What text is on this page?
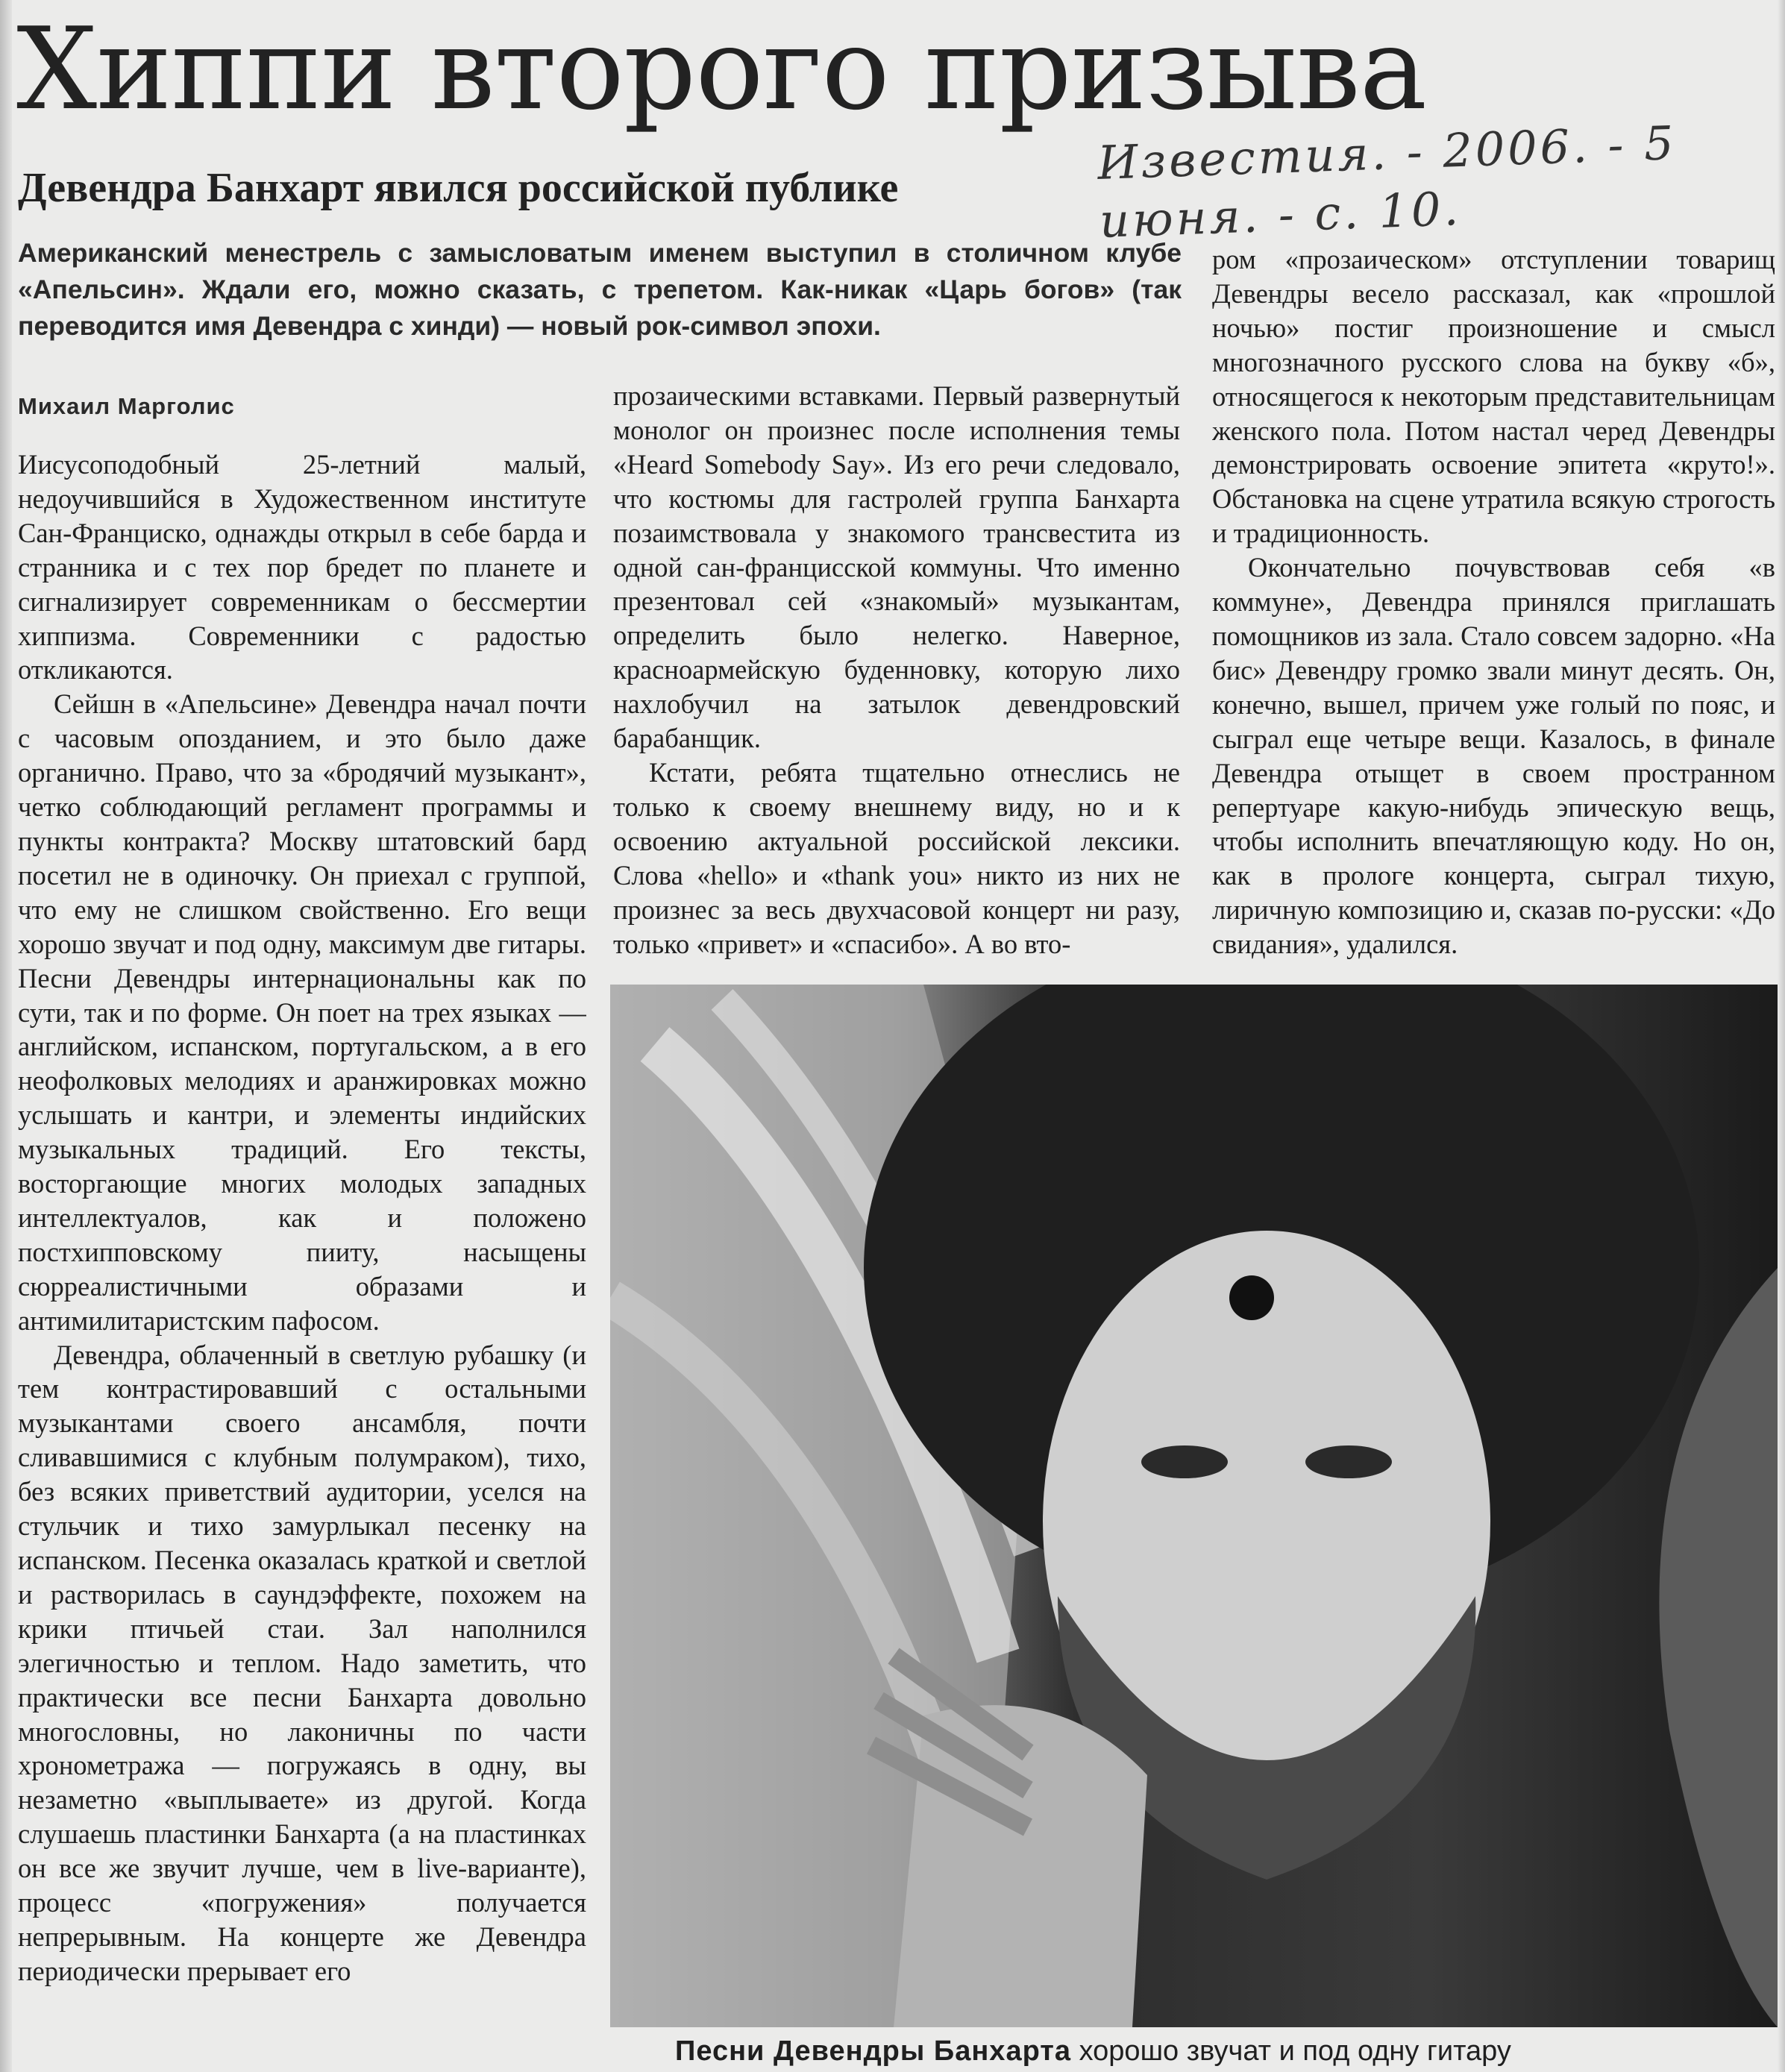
Хиппи второго призыва
Девендра Банхарт явился российской публике	Известия. - 2006. - 5
июня. - с. 10.

Американский менестрель с замысловатым именем выступил в столичном клубе «Апельсин». Ждали его, можно сказать, с трепетом. Как-никак «Царь богов» (так переводится имя Девендра с хинди) — новый рок-символ эпохи.

Михаил Марголис

Иисусоподобный 25-летний малый, недоучившийся в Художественном институте Сан-Франциско, однажды открыл в себе барда и странника и с тех пор бредет по планете и сигнализирует современникам о бессмертии хиппизма. Современники с радостью откликаются.

Сейшн в «Апельсине» Девендра начал почти с часовым опозданием, и это было даже органично. Право, что за «бродячий музыкант», четко соблюдающий регламент программы и пункты контракта? Москву штатовский бард посетил не в одиночку. Он приехал с группой, что ему не слишком свойственно. Его вещи хорошо звучат и под одну, максимум две гитары. Песни Девендры интернациональны как по сути, так и по форме. Он поет на трех языках — английском, испанском, португальском, а в его неофолковых мелодиях и аранжировках можно услышать и кантри, и элементы индийских музыкальных традиций. Его тексты, восторгающие многих молодых западных интеллектуалов, как и положено постхипповскому пииту, насыщены сюрреалистичными образами и антимилитаристским пафосом.

Девендра, облаченный в светлую рубашку (и тем контрастировавший с остальными музыкантами своего ансамбля, почти сливавшимися с клубным полумраком), тихо, без всяких приветствий аудитории, уселся на стульчик и тихо замурлыкал песенку на испанском. Песенка оказалась краткой и светлой и растворилась в саундэффекте, похожем на крики птичьей стаи. Зал наполнился элегичностью и теплом. Надо заметить, что практически все песни Банхарта довольно многословны, но лаконичны по части хронометража — погружаясь в одну, вы незаметно «выплываете» из другой. Когда слушаешь пластинки Банхарта (а на пластинках он все же звучит лучше, чем в live-варианте), процесс «погружения» получается непрерывным. На концерте же Девендра периодически прерывает его

прозаическими вставками. Первый развернутый монолог он произнес после исполнения темы «Heard Somebody Say». Из его речи следовало, что костюмы для гастролей группа Банхарта позаимствовала у знакомого трансвестита из одной сан-францисской коммуны. Что именно презентовал сей «знакомый» музыкантам, определить было нелегко. Наверное, красноармейскую буденновку, которую лихо нахлобучил на затылок девендровский барабанщик.

Кстати, ребята тщательно отнеслись не только к своему внешнему виду, но и к освоению актуальной российской лексики. Слова «hello» и «thank you» никто из них не произнес за весь двухчасовой концерт ни разу, только «привет» и «спасибо». А во вто-

ром «прозаическом» отступлении товарищ Девендры весело рассказал, как «прошлой ночью» постиг произношение и смысл многозначного русского слова на букву «б», относящегося к некоторым представительницам женского пола. Потом настал черед Девендры демонстрировать освоение эпитета «круто!». Обстановка на сцене утратила всякую строгость и традиционность.

Окончательно почувствовав себя «в коммуне», Девендра принялся приглашать помощников из зала. Стало совсем задорно. «На бис» Девендру громко звали минут десять. Он, конечно, вышел, причем уже голый по пояс, и сыграл еще четыре вещи. Казалось, в финале Девендра отыщет в своем пространном репертуаре какую-нибудь эпическую вещь, чтобы исполнить впечатляющую коду. Но он, как в прологе концерта, сыграл тихую, лиричную композицию и, сказав по-русски: «До свидания», удалился.

Песни Девендры Банхарта хорошо звучат и под одну гитару
